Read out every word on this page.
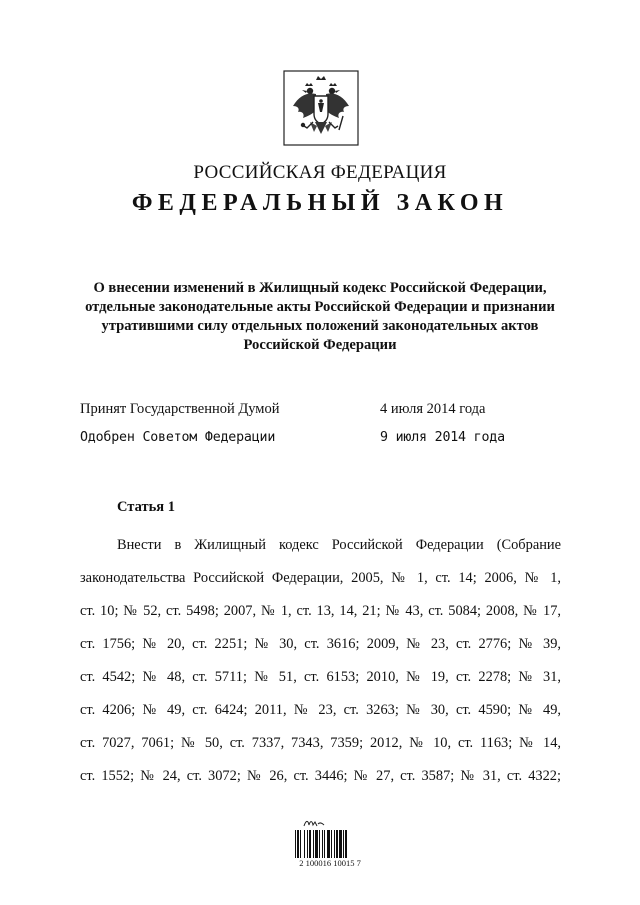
РОССИЙСКАЯ ФЕДЕРАЦИЯ
ФЕДЕРАЛЬНЫЙ ЗАКОН
О внесении изменений в Жилищный кодекс Российской Федерации,
отдельные законодательные акты Российской Федерации и признании
утратившими силу отдельных положений законодательных актов
Российской Федерации
Принят Государственной Думой	4 июля 2014 года
Одобрен Советом Федерации	9 июля 2014 года
Статья 1
Внести в Жилищный кодекс Российской Федерации (Собрание
законодательства Российской Федерации, 2005, № 1, ст. 14; 2006, № 1,
ст. 10; № 52, ст. 5498; 2007, № 1, ст. 13, 14, 21; № 43, ст. 5084; 2008, № 17,
ст. 1756; № 20, ст. 2251; № 30, ст. 3616; 2009, № 23, ст. 2776; № 39,
ст. 4542; № 48, ст. 5711; № 51, ст. 6153; 2010, № 19, ст. 2278; № 31,
ст. 4206; № 49, ст. 6424; 2011, № 23, ст. 3263; № 30, ст. 4590; № 49,
ст. 7027, 7061; № 50, ст. 7337, 7343, 7359; 2012, № 10, ст. 1163; № 14,
ст. 1552; № 24, ст. 3072; № 26, ст. 3446; № 27, ст. 3587; № 31, ст. 4322;
2 100016 10015 7
